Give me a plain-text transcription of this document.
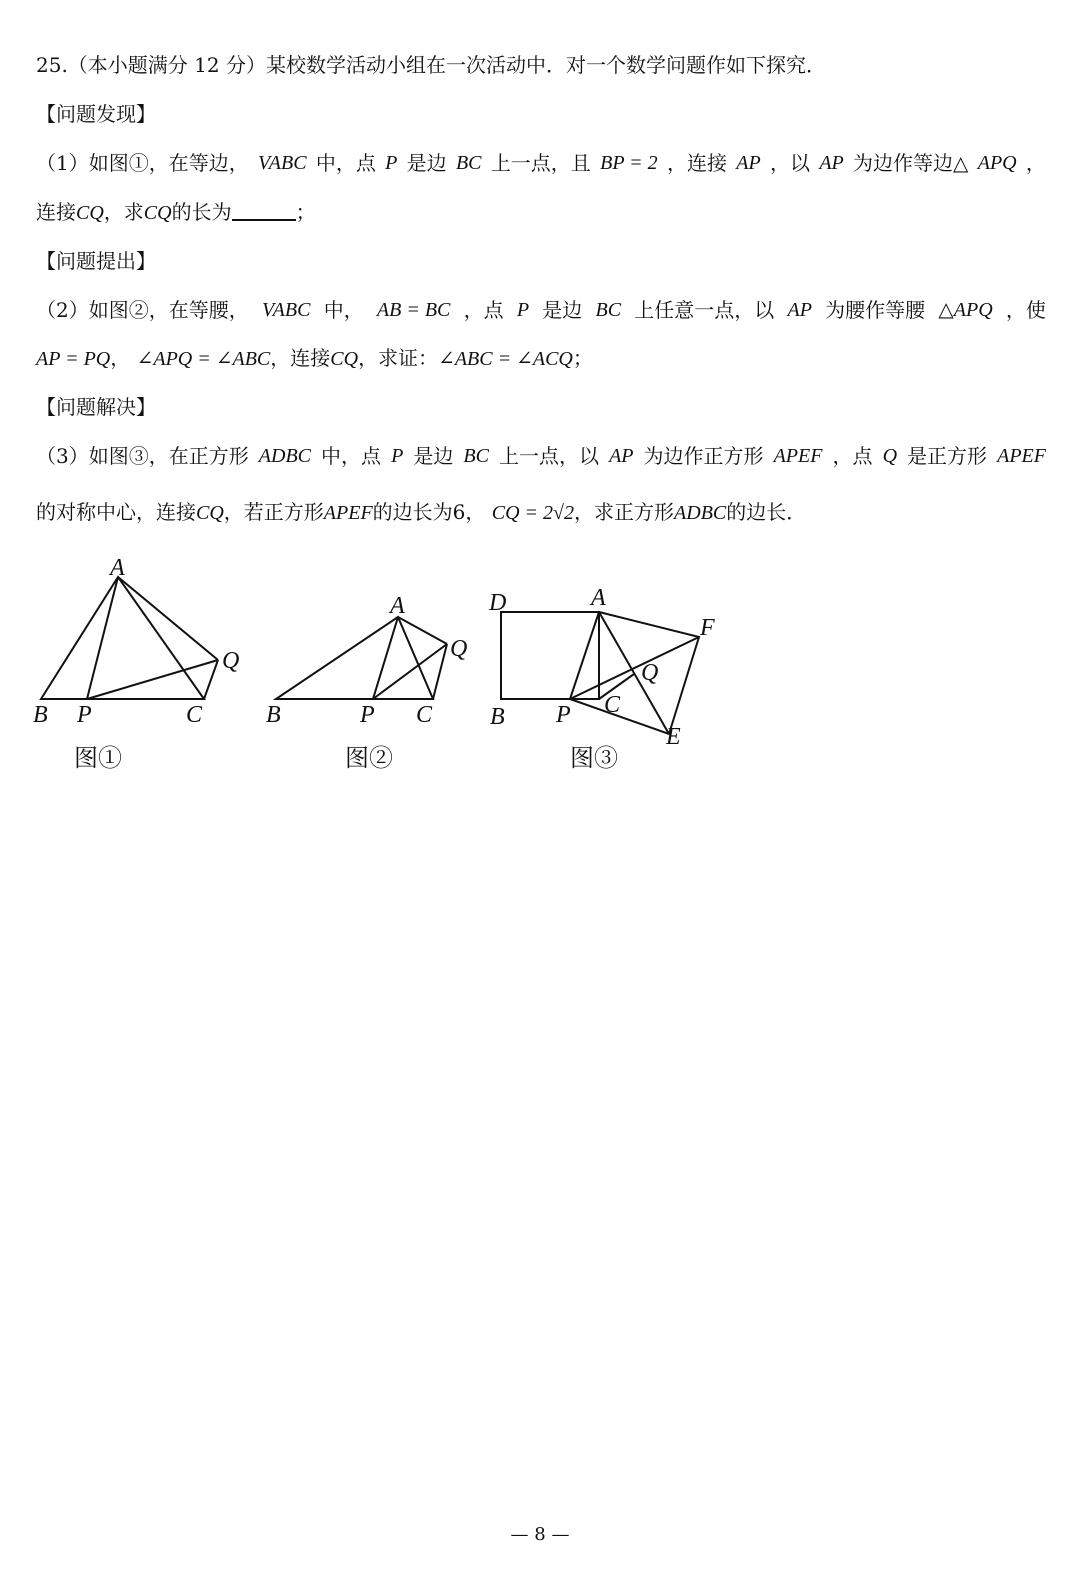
25.（本小题满分 12 分）某校数学活动小组在一次活动中．对一个数学问题作如下探究．
【问题发现】
（1）如图①，在等边， VABC 中，点 P 是边 BC 上一点，且 BP = 2 ，连接 AP ，以 AP 为边作等边△ APQ ，
连接CQ，求CQ的长为	；
【问题提出】
（2）如图②，在等腰， VABC 中， AB = BC ，点 P 是边 BC 上任意一点，以 AP 为腰作等腰 △APQ ，使
AP = PQ， ∠APQ = ∠ABC，连接CQ，求证：∠ABC = ∠ACQ；
【问题解决】
（3）如图③，在正方形 ADBC 中，点 P 是边 BC 上一点，以 AP 为边作正方形 APEF ，点 Q 是正方形 APEF
的对称中心，连接CQ，若正方形APEF的边长为6， CQ = 2√2，求正方形ADBC的边长．
A
B P	C
Q
图①
A
B	P C
Q
图②
D	A
F
Q
C
B P
E
图③
— 8 —
